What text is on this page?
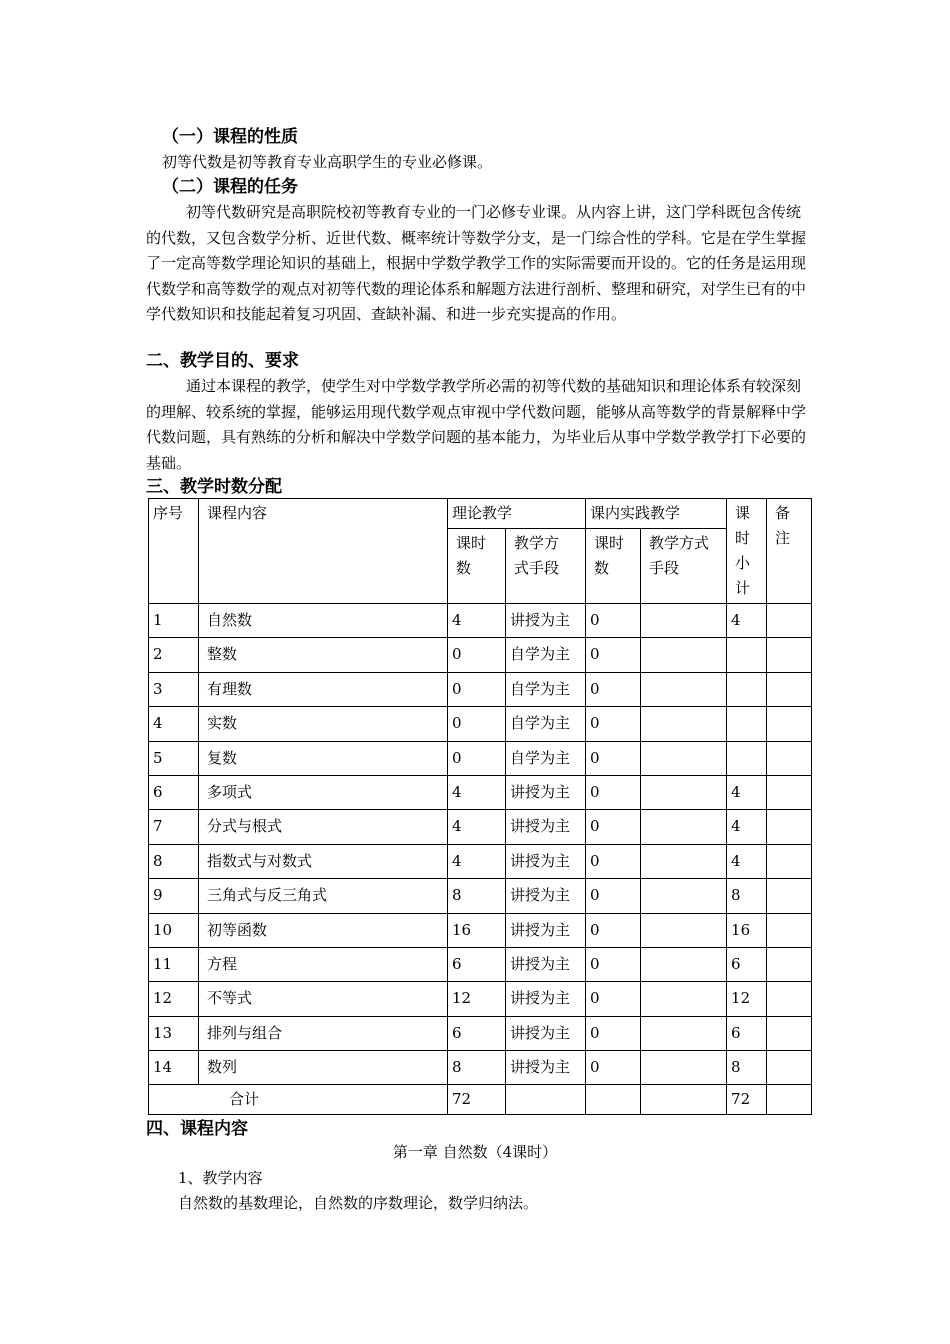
（一）课程的性质
初等代数是初等教育专业高职学生的专业必修课。
（二）课程的任务
初等代数研究是高职院校初等教育专业的一门必修专业课。从内容上讲，这门学科既包含传统的代数，又包含数学分析、近世代数、概率统计等数学分支，是一门综合性的学科。它是在学生掌握了一定高等数学理论知识的基础上，根据中学数学教学工作的实际需要而开设的。它的任务是运用现代数学和高等数学的观点对初等代数的理论体系和解题方法进行剖析、整理和研究，对学生已有的中学代数知识和技能起着复习巩固、查缺补漏、和进一步充实提高的作用。
二、教学目的、要求
通过本课程的教学，使学生对中学数学教学所必需的初等代数的基础知识和理论体系有较深刻的理解、较系统的掌握，能够运用现代数学观点审视中学代数问题，能够从高等数学的背景解释中学代数问题，具有熟练的分析和解决中学数学问题的基本能力，为毕业后从事中学数学教学打下必要的基础。
三、教学时数分配
序号	课程内容	理论教学		课内实践教学		课时小计	备注
		课时数	教学方式手段	课时数	教学方式手段		
1	自然数	4	讲授为主	0		4	
2	整数	0	自学为主	0			
3	有理数	0	自学为主	0			
4	实数	0	自学为主	0			
5	复数	0	自学为主	0			
6	多项式	4	讲授为主	0		4	
7	分式与根式	4	讲授为主	0		4	
8	指数式与对数式	4	讲授为主	0		4	
9	三角式与反三角式	8	讲授为主	0		8	
10	初等函数	16	讲授为主	0		16	
11	方程	6	讲授为主	0		6	
12	不等式	12	讲授为主	0		12	
13	排列与组合	6	讲授为主	0		6	
14	数列	8	讲授为主	0		8	
合计		72				72	
四、课程内容
第一章 自然数（4课时）
1、教学内容
自然数的基数理论，自然数的序数理论，数学归纳法。
